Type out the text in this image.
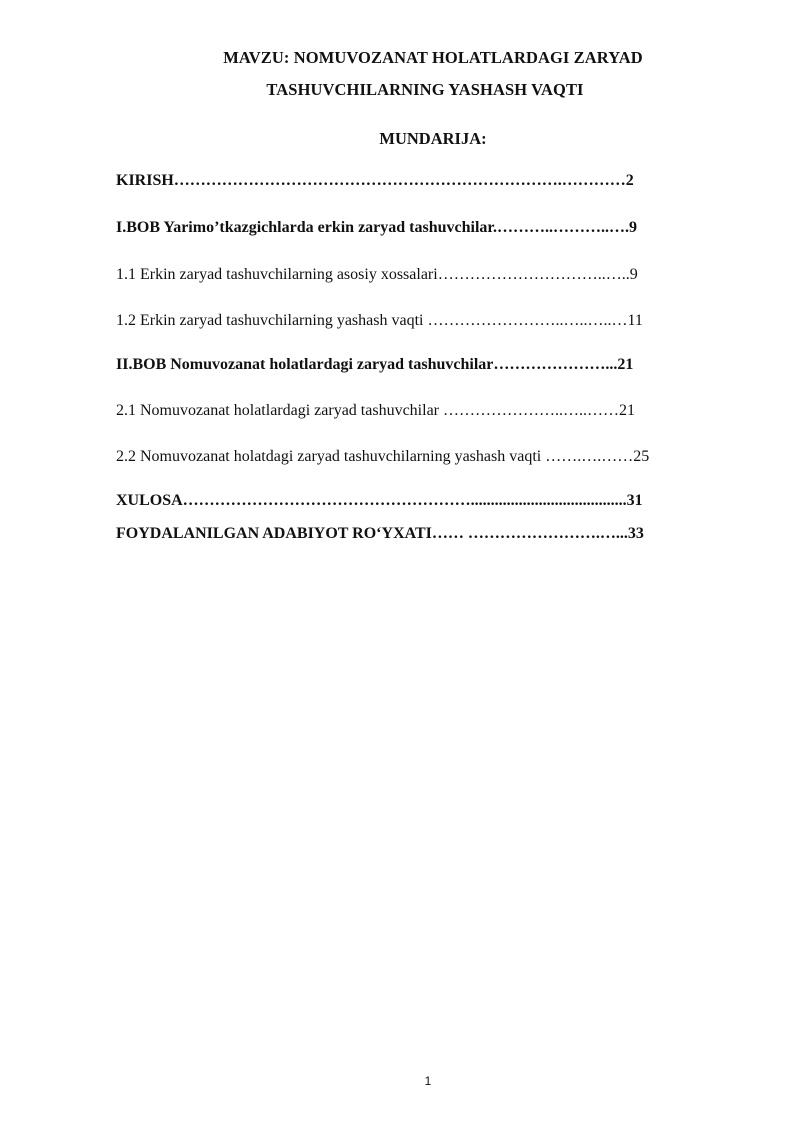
MAVZU: NOMUVOZANAT HOLATLARDAGI ZARYAD
TASHUVCHILARNING YASHASH VAQTI
MUNDARIJA:
KIRISH……………………………………………………………….…………2
I.BOB Yarimo’tkazgichlarda erkin zaryad tashuvchilar.………..………..….9
1.1 Erkin zaryad tashuvchilarning asosiy xossalari…………………………..…..9
1.2 Erkin zaryad tashuvchilarning yashash vaqti ……………………..…..…..…11
II.BOB Nomuvozanat holatlardagi zaryad tashuvchilar…………………...21
2.1 Nomuvozanat holatlardagi zaryad tashuvchilar …………………..…..……21
2.2 Nomuvozanat holatdagi zaryad tashuvchilarning yashash vaqti …….….……25
XULOSA……………………………………………….......................................31
FOYDALANILGAN ADABIYOT RO‘YXATI…… …………………….…...33
1
